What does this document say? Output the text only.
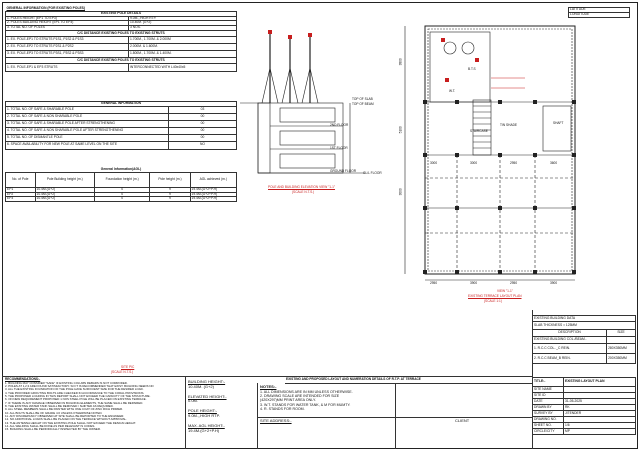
GENERAL INFORMATION (FOR EXISTING POLES)	
EXISTING POLE DETAILS	
1. POLES HEIGHT (EP1 TO EP3)	9.0M.,,HIGH RTP.
2. POLES BUILDING HEIGHT (EP1 TO EP3)	10.40M. (G+2)
3. TOTAL NO. OF POLES	3 NOS.
C/C DISTANCE EXISTING POLES TO EXISTING STRUTS	
1. EX. POLE-EP1 TO STRUTS P1S1, P1S2 & P1S3	1.700M., 1.700M. & 2.000M
2. EX. POLE-EP2 TO STRUTS P2S1 & P2S2	2.000M. & 1.600M.
3. EX. POLE-EP3 TO STRUTS P3S1, P3S2 & P3S3	1.800M., 1.700M. & 1.400M.
C/C DISTANCE EXISTING POLES TO EXISTING STRUTS	
1. EX. POLE-EP1 & EP3 STRUTS	INTERCONNECTED WITH L40x40x5
GENERAL INFORMATION	
1. TOTAL NO. OF SAFE & SHARABLE POLE	03
2. TOTAL NO. OF SAFE & NON SHARABLE POLE	00
3. TOTAL NO. OF SAFE & SHARABLE POLE AFTER STRENGTHENING	00
4. TOTAL NO. OF SAFE & NON SHARABLE POLE AFTER STRENGTHENING	00
5. TOTAL NO. OF DISMANTLE POLE	00
6. SPACE AVAILABILITY FOR NEW POLE AT SAME LEVEL ON THE SITE	NO
General Information(AGL)				
No. of Pole	Pole Building height (m.)	Foundation height (m.)	Pole height (m.)	AGL achieved (m.)
EP1	10.4M.(G+2)	0	9	19.4M.(G+2+P.H)
EP2	10.4M.(G+2)	0	9	19.4M.(G+2+P.H)
EP3	10.4M.(G+2)	0	9	19.4M.(G+2+P.H)
SITE PIC
(SCALE N.T.S.)
TOP OF SLAB
TOP OF BEAM
2ND FLOOR
1ST FLOOR
GROUND FLOOR GL/L FLOOR
POLE AND BUILDING ELEVATION VIEW "1-1"
(SCALE N.T.S.)
W.T.
STAIRCASE
TIN SHADE	SHAFT
B.T.S
3800
5100
3000
3000	3000	2950	3600
2950	3900	2950	3900
VIEW "1-1"
EXISTING TERRACE LAYOUT PLAN
(SCALE 1:1)
LATITUDE
LONGITUDE
EXISTING BUILDING DATA	
SLAB THICKNESS = 125MM	
DESCRIPTION	SIZE
EXISTING BUILDING COL./BEAM..	
1. R.C.C COL.._C REIN.	280X350MM
2. R.C.C BEAM_B REIN.	200X350MM
TITLE:-	EXISTING LAYOUT PLAN
SITE NAME	
SITE ID	
DATE	31-05-2025
DRAWN BY	RK
SURVEY BY	JITENDER
DRAWING NO.	
SHEET NO.	1/6
CIRCLE/CITY	MP
EXISTING AND PROPOSED LAYOUT AND NUMERATION DETAILS OF R.T.P. AT TERRACE
RECOMMENDATIONS:-
1. BUILDING MAY CONSIDER "SAFE" IF EXISTING COLUMN REBARS IS NOT CORRODED.
2. POLES AT 1,2,3 ARE FOUND SATISFACTORY. SO IT IS RECOMMENDED THAT EXIST. BUILDING NEEDS NO
3. ALL THE EXISTING FOUNDATION OF THE POLE HAVE SUFFICIENT SIZE FOR THE DESIRED LOAD.
4. THE PROVIDED GROUTING BOLTS ARE CHECKED IN ACCORDANCE TO THE CODAL PROVISIONS.
5. THE PROPOSED LOADING IN THIS REPORT SHALL NOT EXCEED THE CAPACITY OF THE STRUCTURE.
6. ON NEW REQUIREMENT PROPOSED 1 NOS STEEL POLE WILL BE PLACED ON EXISTING TERRACE.
7. IF THERE IS ANY DAMAGE OBSERVED IN BUILDING ELEMENTS, THE SAME SHALL BE REPAIRED.
8. THE EXISTING WATER TANK SHALL BE REMOVED / SHIFTED AS REQUIRED.
9. ALL STEEL MEMBERS SHALL BE PAINTED WITH ONE COAT OF ZINC RICH PRIMER.
10. ALL BOLTS SHALL BE OF GRADE 4.6 UNLESS OTHERWISE NOTED.
11. ANY DISCREPANCY OBSERVED AT SITE SHALL BE REPORTED TO THE ENGINEER.
12. NO ADDITIONAL LOADS SHALL BE PLACED ON THE TERRACE WITHOUT APPROVAL.
13. THE ANTENNA HEIGHT ON THE EXISTING POLE SHALL NOT EXCEED THE DESIGN HEIGHT.
14. ALL WELDING SHALL BE DONE AS PER RELEVANT IS CODES.
15. BUILDING SHALL BE PERIODICALLY INSPECTED BY THE OWNER.
BUILDING HEIGHT:-
10.40M. (G+2)
ELEVATED HEIGHT:-
0.0M.
POLE HEIGHT:-
9.0M.,,HIGH RTP.
MAX. AGL HEIGHT:-
19.4M.(G+2+P.H)
NOTES:-
1. ALL DIMENSIONS ARE IN MM UNLESS OTHERWISE.
2. DRAWING SCALE ARE INTENDED FOR SIZE
(420X297)MM PRINT AREA ONLY.
3. W.T. STANDS FOR WATER TANK, & M FOR MUMTY.
4. R. STANDS FOR ROOM.
SITE ADDRESS:-	CLIENT
